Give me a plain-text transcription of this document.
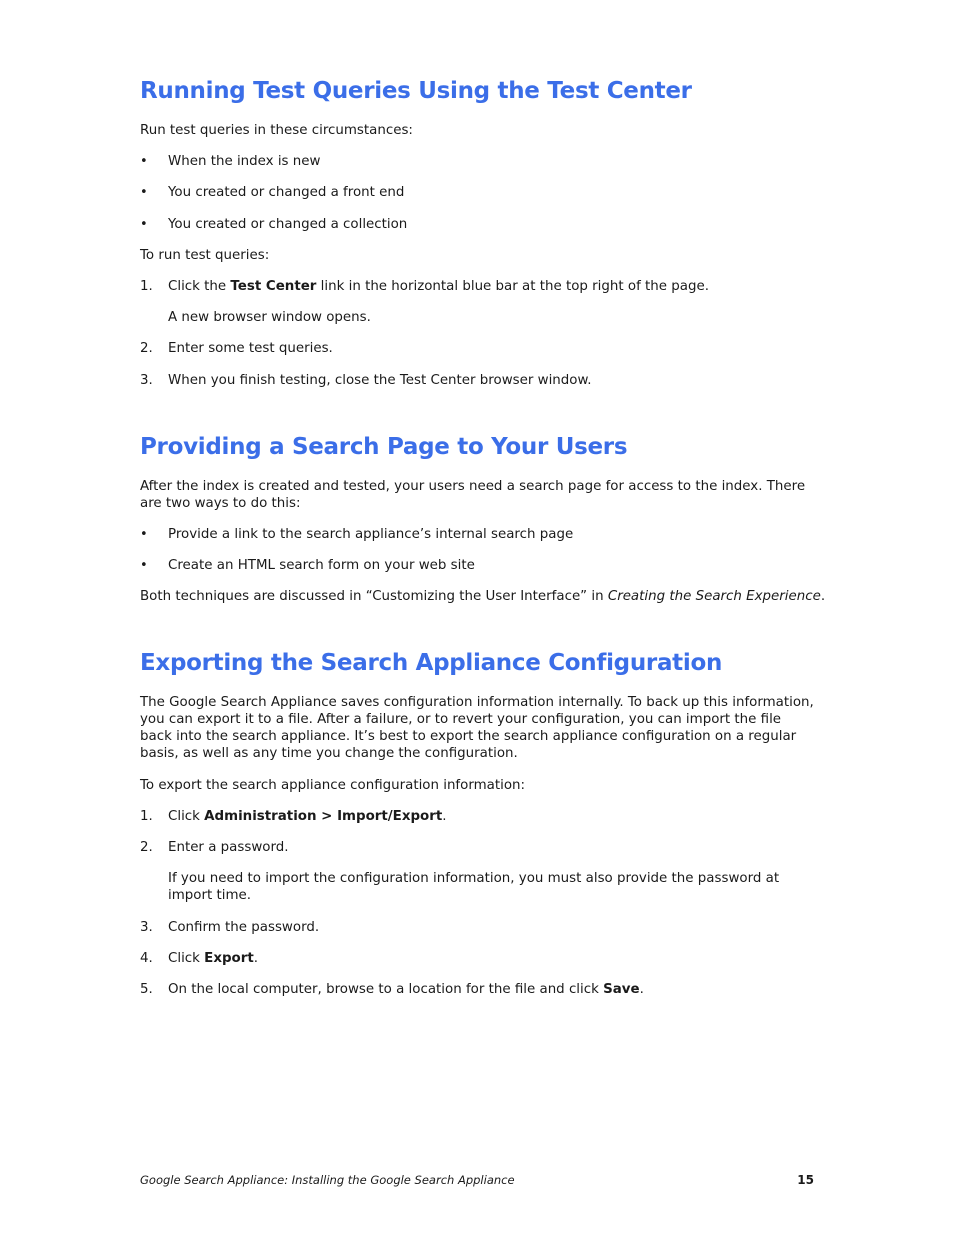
Running Test Queries Using the Test Center

Run test queries in these circumstances:

• When the index is new
• You created or changed a front end
• You created or changed a collection

To run test queries:

1. Click the Test Center link in the horizontal blue bar at the top right of the page.
A new browser window opens.
2. Enter some test queries.
3. When you finish testing, close the Test Center browser window.
Providing a Search Page to Your Users

After the index is created and tested, your users need a search page for access to the index. There are two ways to do this:

• Provide a link to the search appliance’s internal search page
• Create an HTML search form on your web site

Both techniques are discussed in “Customizing the User Interface” in Creating the Search Experience.

Exporting the Search Appliance Configuration

The Google Search Appliance saves configuration information internally. To back up this information, you can export it to a file. After a failure, or to revert your configuration, you can import the file back into the search appliance. It’s best to export the search appliance configuration on a regular basis, as well as any time you change the configuration.

To export the search appliance configuration information:

1. Click Administration > Import/Export.
2. Enter a password.
If you need to import the configuration information, you must also provide the password at import time.
3. Confirm the password.
4. Click Export.
5. On the local computer, browse to a location for the file and click Save.
Google Search Appliance: Installing the Google Search Appliance	15
